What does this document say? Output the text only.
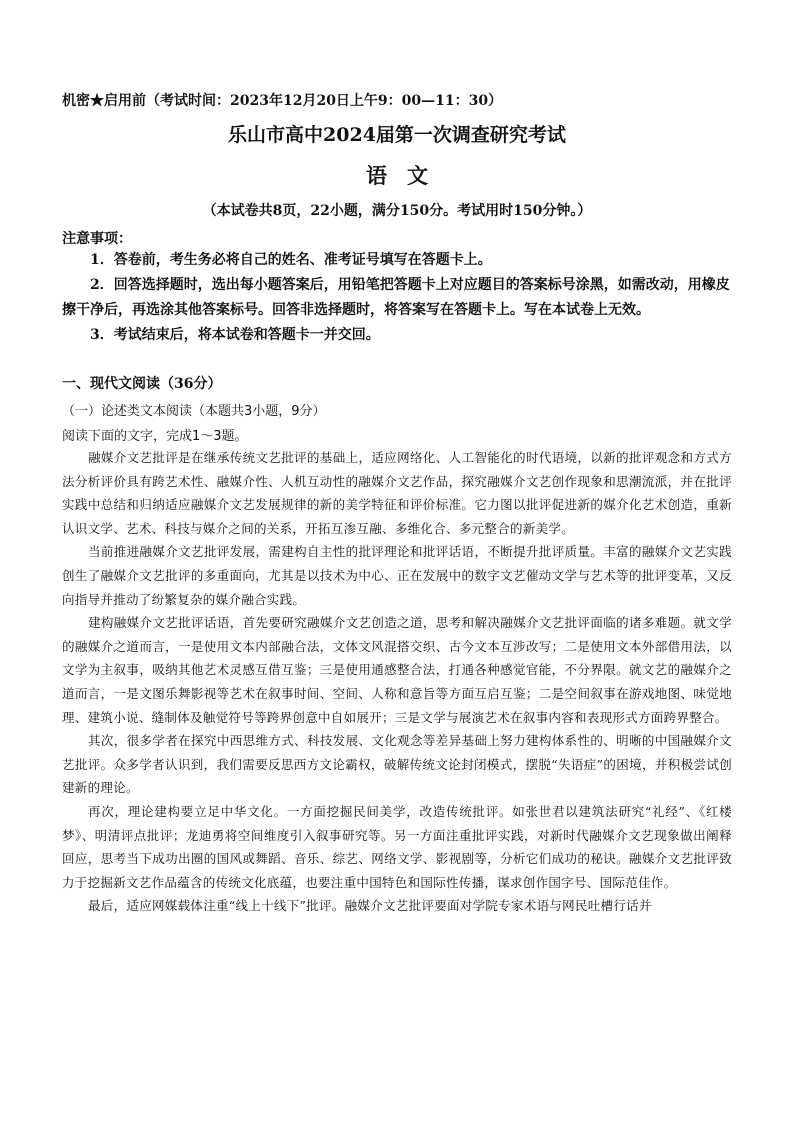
机密★启用前（考试时间：2023年12月20日上午9：00—11：30）
乐山市高中2024届第一次调查研究考试
语文
（本试卷共8页，22小题，满分150分。考试用时150分钟。）
注意事项：

1．答卷前，考生务必将自己的姓名、准考证号填写在答题卡上。

2．回答选择题时，选出每小题答案后，用铅笔把答题卡上对应题目的答案标号涂黑，如需改动，用橡皮擦干净后，再选涂其他答案标号。回答非选择题时，将答案写在答题卡上。写在本试卷上无效。

3．考试结束后，将本试卷和答题卡一并交回。

一、现代文阅读（36分）
（一）论述类文本阅读（本题共3小题，9分）
阅读下面的文字，完成1～3题。

融媒介文艺批评是在继承传统文艺批评的基础上，适应网络化、人工智能化的时代语境，以新的批评观念和方式方法分析评价具有跨艺术性、融媒介性、人机互动性的融媒介文艺作品，探究融媒介文艺创作现象和思潮流派，并在批评实践中总结和归纳适应融媒介文艺发展规律的新的美学特征和评价标准。它力图以批评促进新的媒介化艺术创造，重新认识文学、艺术、科技与媒介之间的关系，开拓互渗互融、多维化合、多元整合的新美学。

当前推进融媒介文艺批评发展，需建构自主性的批评理论和批评话语，不断提升批评质量。丰富的融媒介文艺实践创生了融媒介文艺批评的多重面向，尤其是以技术为中心、正在发展中的数字文艺催动文学与艺术等的批评变革，又反向指导并推动了纷繁复杂的媒介融合实践。

建构融媒介文艺批评话语，首先要研究融媒介文艺创造之道，思考和解决融媒介文艺批评面临的诸多难题。就文学的融媒介之道而言，一是使用文本内部融合法，文体文风混搭交织、古今文本互涉改写；二是使用文本外部借用法，以文学为主叙事，吸纳其他艺术灵感互借互鉴；三是使用通感整合法，打通各种感觉官能，不分界限。就文艺的融媒介之道而言，一是文图乐舞影视等艺术在叙事时间、空间、人称和意旨等方面互启互鉴；二是空间叙事在游戏地图、味觉地理、建筑小说、缝制体及触觉符号等跨界创意中自如展开；三是文学与展演艺术在叙事内容和表现形式方面跨界整合。

其次，很多学者在探究中西思维方式、科技发展、文化观念等差异基础上努力建构体系性的、明晰的中国融媒介文艺批评。众多学者认识到，我们需要反思西方文论霸权，破解传统文论封闭模式，摆脱“失语症”的困境，并积极尝试创建新的理论。

再次，理论建构要立足中华文化。一方面挖掘民间美学，改造传统批评。如张世君以建筑法研究“礼经”、《红楼梦》、明清评点批评；龙迪勇将空间维度引入叙事研究等。另一方面注重批评实践，对新时代融媒介文艺现象做出阐释回应，思考当下成功出圈的国风或舞蹈、音乐、综艺、网络文学、影视剧等，分析它们成功的秘诀。融媒介文艺批评致力于挖掘新文艺作品蕴含的传统文化底蕴，也要注重中国特色和国际性传播，谋求创作国字号、国际范佳作。

最后，适应网媒载体注重“线上十线下”批评。融媒介文艺批评要面对学院专家术语与网民吐槽行话并
